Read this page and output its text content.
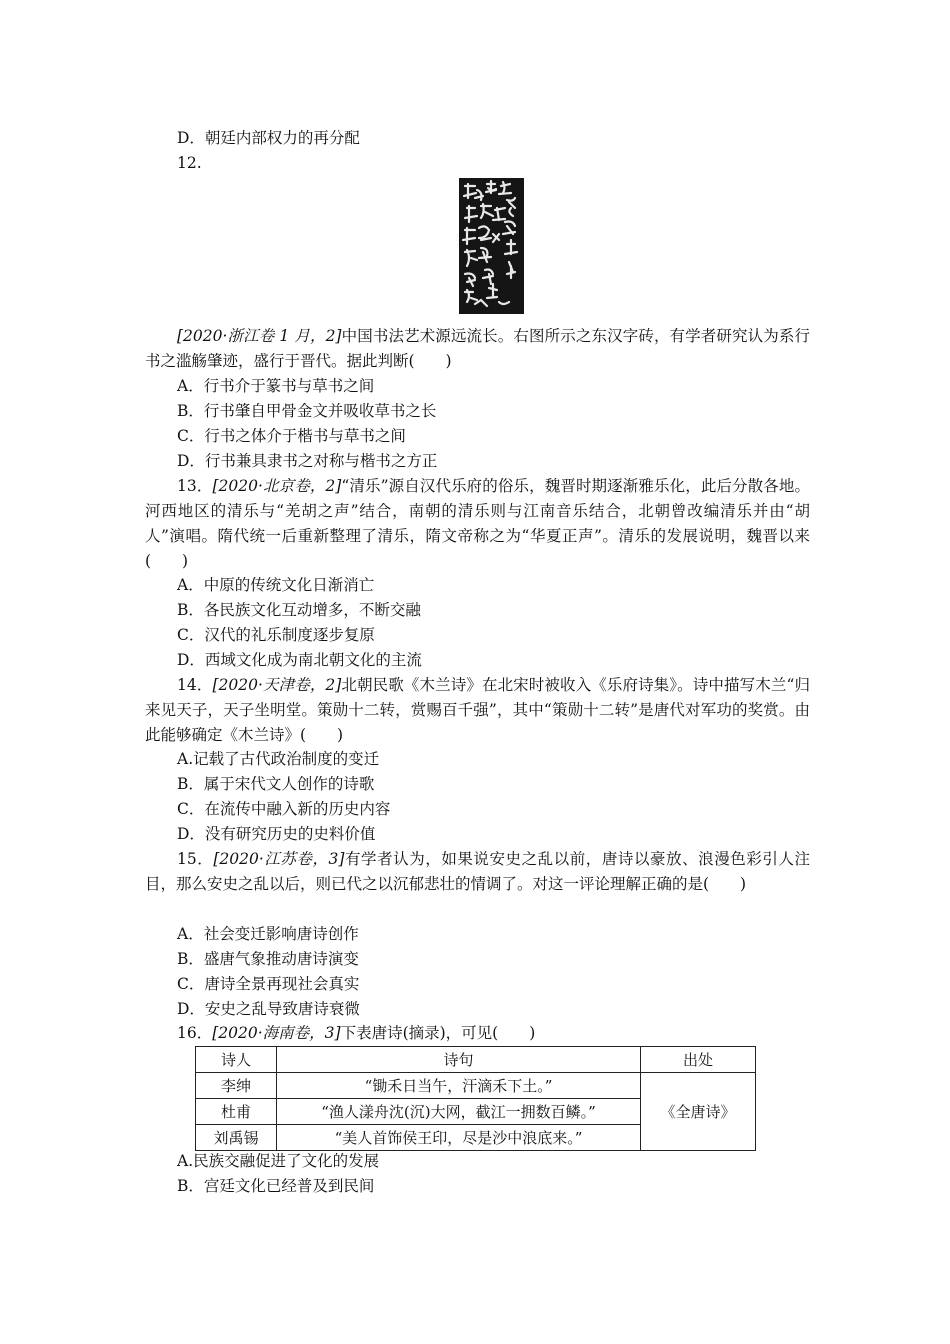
D．朝廷内部权力的再分配
12.
[2020·浙江卷 1 月，2]中国书法艺术源远流长。右图所示之东汉字砖，有学者研究认为系行书之滥觞肇迹，盛行于晋代。据此判断(　　)
A．行书介于篆书与草书之间
B．行书肇自甲骨金文并吸收草书之长
C．行书之体介于楷书与草书之间
D．行书兼具隶书之对称与楷书之方正
13．[2020·北京卷，2]“清乐”源自汉代乐府的俗乐，魏晋时期逐渐雅乐化，此后分散各地。河西地区的清乐与“羌胡之声”结合，南朝的清乐则与江南音乐结合，北朝曾改编清乐并由“胡人”演唱。隋代统一后重新整理了清乐，隋文帝称之为“华夏正声”。清乐的发展说明，魏晋以来(　　)
A．中原的传统文化日渐消亡
B．各民族文化互动增多，不断交融
C．汉代的礼乐制度逐步复原
D．西域文化成为南北朝文化的主流
14．[2020·天津卷，2]北朝民歌《木兰诗》在北宋时被收入《乐府诗集》。诗中描写木兰“归来见天子，天子坐明堂。策勋十二转，赏赐百千强”，其中“策勋十二转”是唐代对军功的奖赏。由此能够确定《木兰诗》(　　)
A.记载了古代政治制度的变迁
B．属于宋代文人创作的诗歌
C．在流传中融入新的历史内容
D．没有研究历史的史料价值
15．[2020·江苏卷，3]有学者认为，如果说安史之乱以前，唐诗以豪放、浪漫色彩引人注目，那么安史之乱以后，则已代之以沉郁悲壮的情调了。对这一评论理解正确的是(　　)
A．社会变迁影响唐诗创作
B．盛唐气象推动唐诗演变
C．唐诗全景再现社会真实
D．安史之乱导致唐诗衰微
16．[2020·海南卷，3]下表唐诗(摘录)，可见(　　)
诗人	诗句	出处
李绅	“锄禾日当午，汗滴禾下土。”	《全唐诗》
杜甫	“渔人漾舟沈(沉)大网，截江一拥数百鳞。”	
刘禹锡	“美人首饰侯王印，尽是沙中浪底来。”	
A.民族交融促进了文化的发展
B．宫廷文化已经普及到民间
